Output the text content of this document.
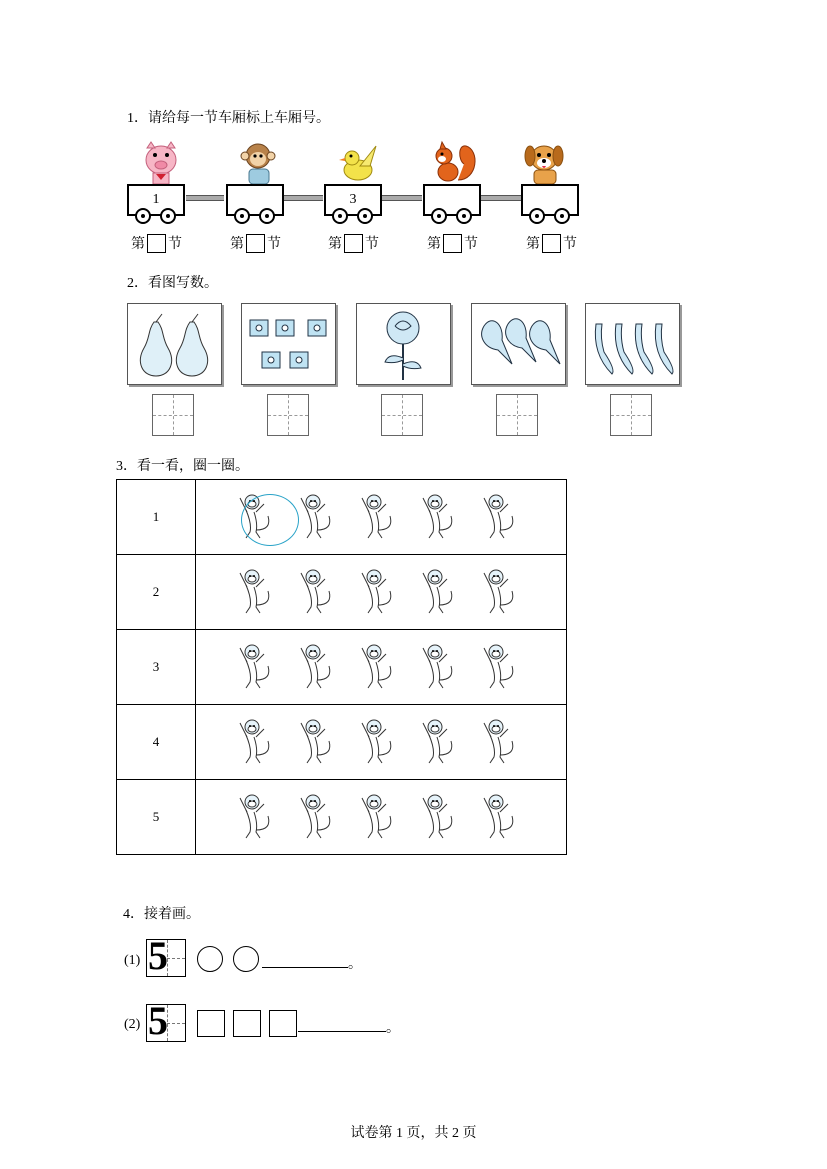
1．请给每一节车厢标上车厢号。
1	3
第 节	第 节	第 节	第 节	第 节
2．看图写数。
3．看一看，圈一圈。
1	

2	

3	

4	

5	
4．接着画。
(1) 5	。
(2) 5	。
试卷第 1 页，共 2 页
